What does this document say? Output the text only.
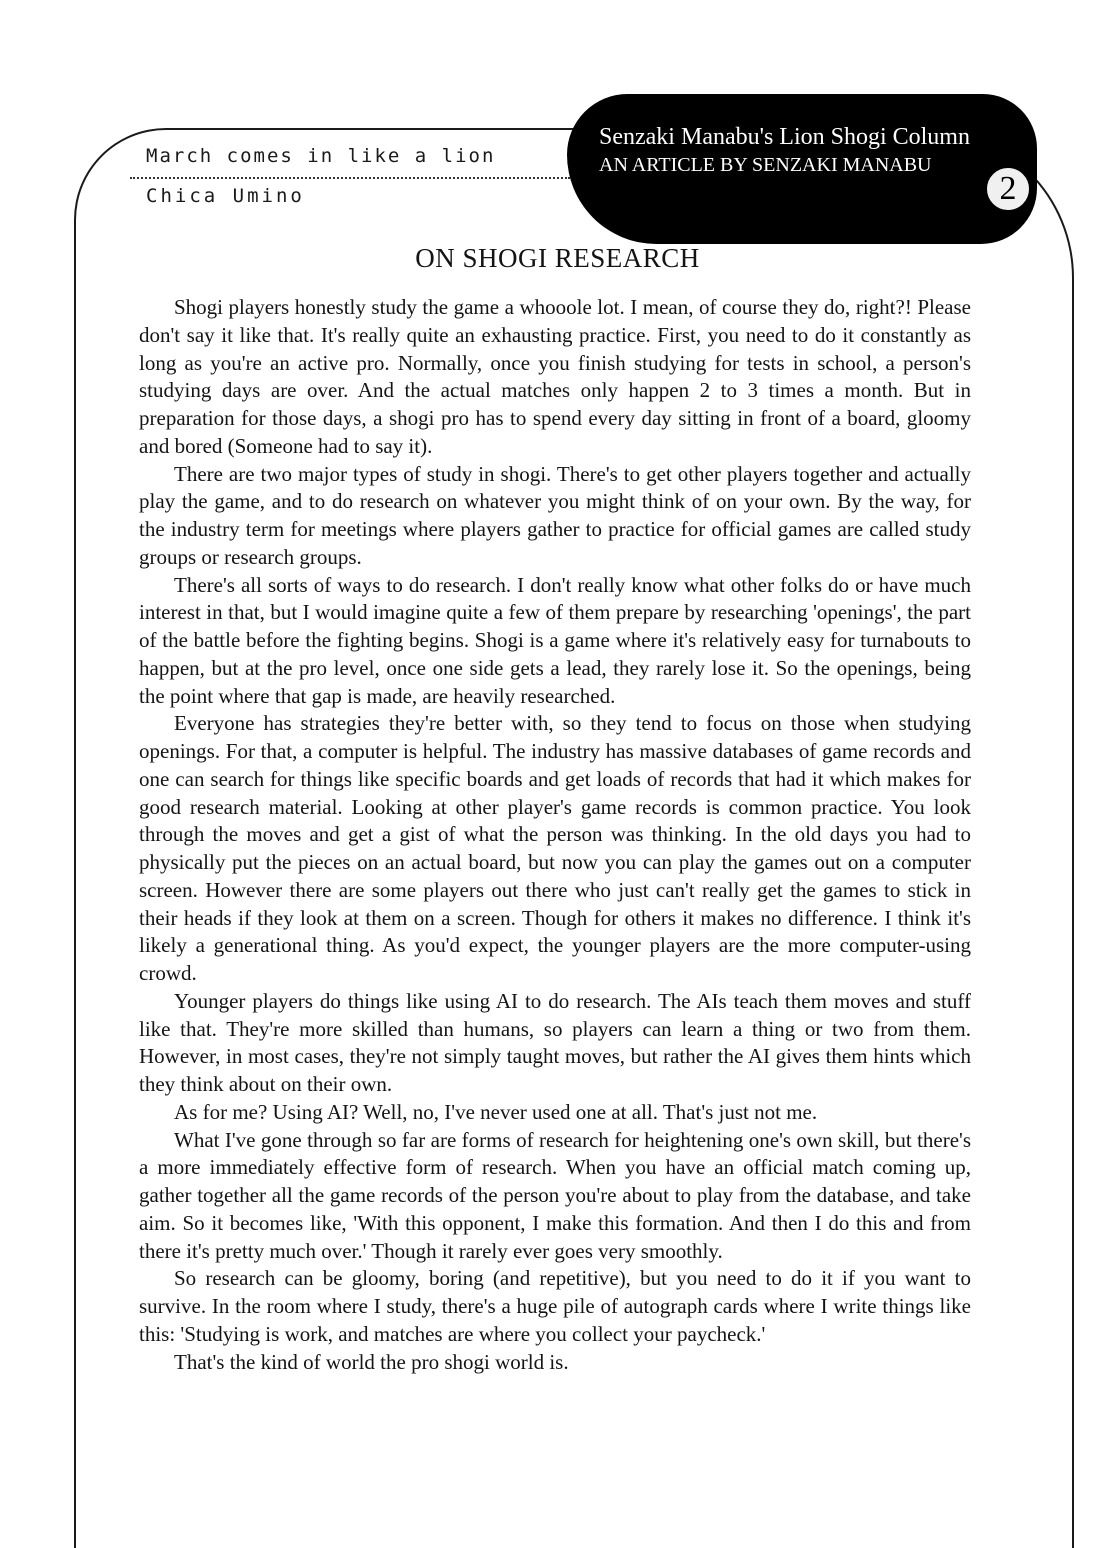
March comes in like a lion
Chica Umino
Senzaki Manabu's Lion Shogi Column
AN ARTICLE BY SENZAKI MANABU
2
ON SHOGI RESEARCH

Shogi players honestly study the game a whooole lot. I mean, of course they do, right?! Please don't say it like that. It's really quite an exhausting practice. First, you need to do it constantly as long as you're an active pro. Normally, once you finish studying for tests in school, a person's studying days are over. And the actual matches only happen 2 to 3 times a month. But in preparation for those days, a shogi pro has to spend every day sitting in front of a board, gloomy and bored (Someone had to say it).

There are two major types of study in shogi. There's to get other players together and actually play the game, and to do research on whatever you might think of on your own. By the way, for the industry term for meetings where players gather to practice for official games are called study groups or research groups.

There's all sorts of ways to do research. I don't really know what other folks do or have much interest in that, but I would imagine quite a few of them prepare by researching 'openings', the part of the battle before the fighting begins. Shogi is a game where it's relatively easy for turnabouts to happen, but at the pro level, once one side gets a lead, they rarely lose it. So the openings, being the point where that gap is made, are heavily researched.

Everyone has strategies they're better with, so they tend to focus on those when studying openings. For that, a computer is helpful. The industry has massive databases of game records and one can search for things like specific boards and get loads of records that had it which makes for good research material. Looking at other player's game records is common practice. You look through the moves and get a gist of what the person was thinking. In the old days you had to physically put the pieces on an actual board, but now you can play the games out on a computer screen. However there are some players out there who just can't really get the games to stick in their heads if they look at them on a screen. Though for others it makes no difference. I think it's likely a generational thing. As you'd expect, the younger players are the more computer-using crowd.

Younger players do things like using AI to do research. The AIs teach them moves and stuff like that. They're more skilled than humans, so players can learn a thing or two from them. However, in most cases, they're not simply taught moves, but rather the AI gives them hints which they think about on their own.

As for me? Using AI? Well, no, I've never used one at all. That's just not me.

What I've gone through so far are forms of research for heightening one's own skill, but there's a more immediately effective form of research. When you have an official match coming up, gather together all the game records of the person you're about to play from the database, and take aim. So it becomes like, 'With this opponent, I make this formation. And then I do this and from there it's pretty much over.' Though it rarely ever goes very smoothly.

So research can be gloomy, boring (and repetitive), but you need to do it if you want to survive. In the room where I study, there's a huge pile of autograph cards where I write things like this: 'Studying is work, and matches are where you collect your paycheck.'

That's the kind of world the pro shogi world is.
